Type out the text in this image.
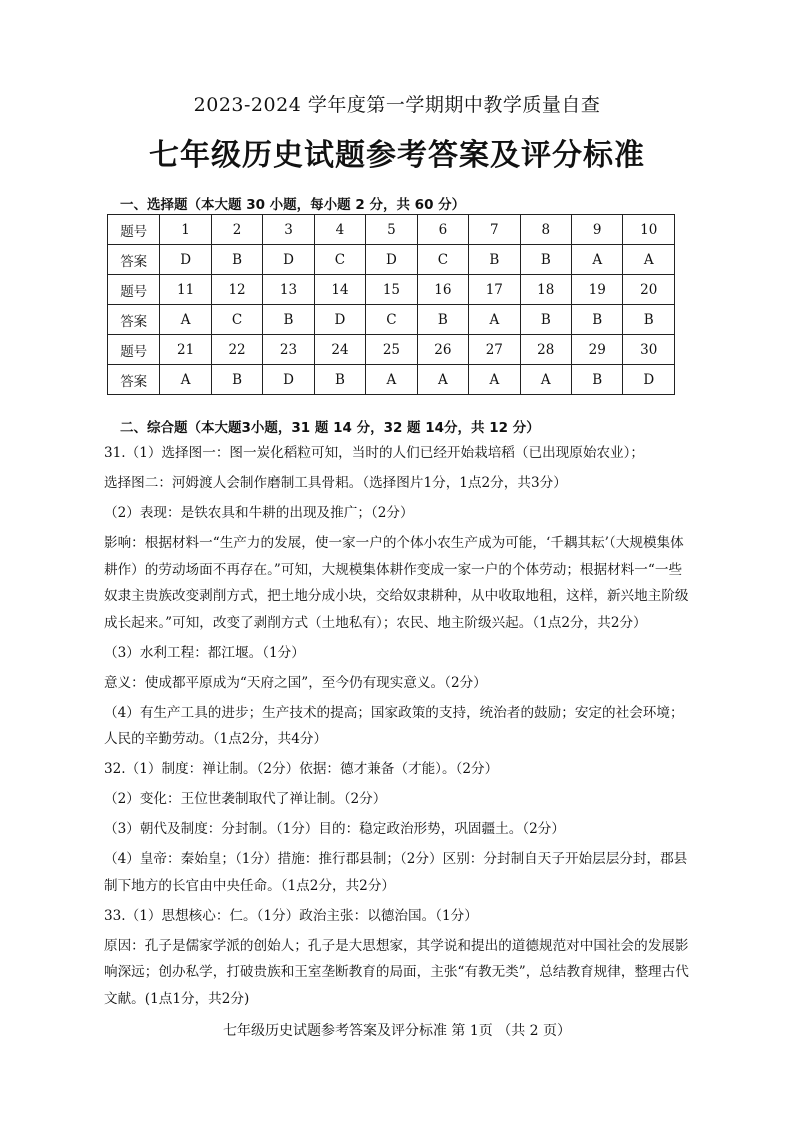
2023-2024 学年度第一学期期中教学质量自查
七年级历史试题参考答案及评分标准
一、选择题（本大题 30 小题，每小题 2 分，共 60 分）
题号	1	2	3	4	5	6	7	8	9	10
答案	D	B	D	C	D	C	B	B	A	A
题号	11	12	13	14	15	16	17	18	19	20
答案	A	C	B	D	C	B	A	B	B	B
题号	21	22	23	24	25	26	27	28	29	30
答案	A	B	D	B	A	A	A	A	B	D
二、综合题（本大题3小题，31 题 14 分，32 题 14分，共 12 分）

31.（1）选择图一：图一炭化稻粒可知，当时的人们已经开始栽培稻（已出现原始农业）；

选择图二：河姆渡人会制作磨制工具骨耜。（选择图片1分，1点2分，共3分）

（2）表现：是铁农具和牛耕的出现及推广；（2分）

影响：根据材料一“生产力的发展，使一家一户的个体小农生产成为可能，‘千耦其耘’（大规模集体耕作）的劳动场面不再存在。”可知，大规模集体耕作变成一家一户的个体劳动；根据材料一“一些奴隶主贵族改变剥削方式，把土地分成小块，交给奴隶耕种，从中收取地租，这样，新兴地主阶级成长起来。”可知，改变了剥削方式（土地私有）；农民、地主阶级兴起。（1点2分，共2分）

（3）水利工程：都江堰。（1分）

意义：使成都平原成为“天府之国”，至今仍有现实意义。（2分）

（4）有生产工具的进步；生产技术的提高；国家政策的支持，统治者的鼓励；安定的社会环境；人民的辛勤劳动。（1点2分，共4分）

32.（1）制度：禅让制。（2分）依据：德才兼备（才能）。（2分）

（2）变化：王位世袭制取代了禅让制。（2分）

（3）朝代及制度：分封制。（1分）目的：稳定政治形势，巩固疆土。（2分）

（4）皇帝：秦始皇；（1分）措施：推行郡县制；（2分）区别：分封制自天子开始层层分封，郡县制下地方的长官由中央任命。（1点2分，共2分）

33.（1）思想核心：仁。（1分）政治主张：以德治国。（1分）

原因：孔子是儒家学派的创始人；孔子是大思想家，其学说和提出的道德规范对中国社会的发展影响深远；创办私学，打破贵族和王室垄断教育的局面，主张“有教无类”，总结教育规律，整理古代文献。(1点1分，共2分)

七年级历史试题参考答案及评分标准 第 1页 （共 2 页）
